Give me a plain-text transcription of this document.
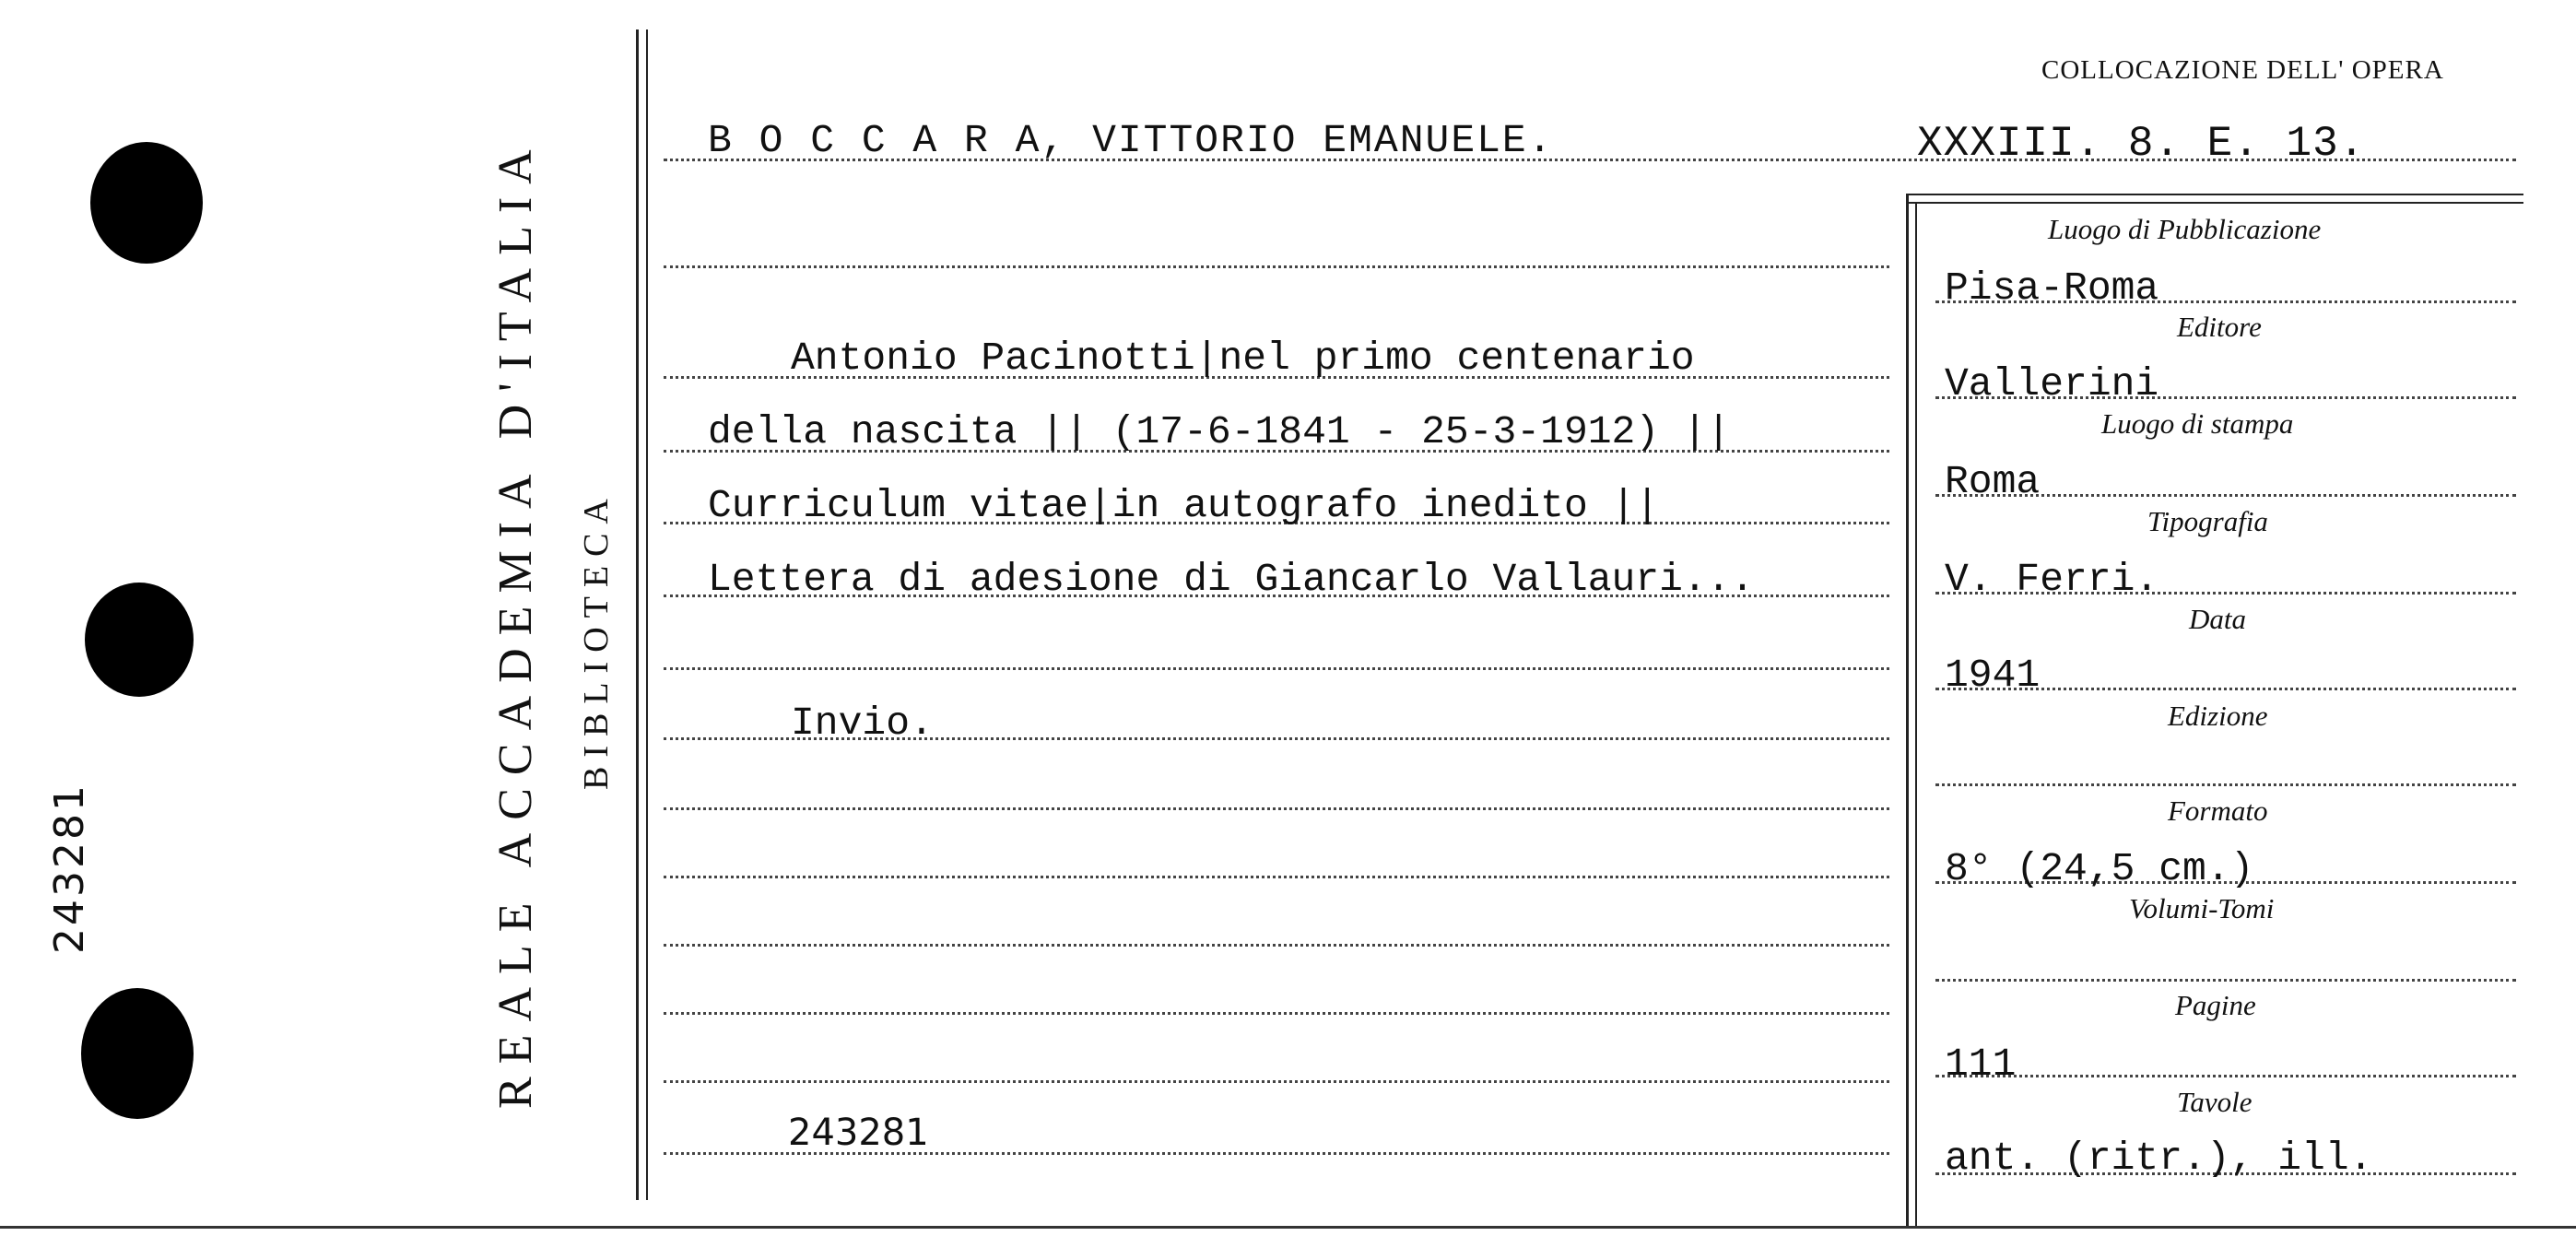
243281	REALE ACCADEMIA D'ITALIA BIBLIOTECA
COLLOCAZIONE DELL' OPERA
B O C C A R A, VITTORIO EMANUELE.	XXXIII. 8. E. 13.
Antonio Pacinotti|nel primo centenario
della nascita || (17-6-1841 - 25-3-1912) ||
Curriculum vitae|in autografo inedito ||
Lettera di adesione di Giancarlo Vallauri...
Invio.
243281
Luogo di Pubblicazione
Pisa-Roma
Editore
Vallerini
Luogo di stampa
Roma
Tipografia
V. Ferri.
Data
1941
Edizione
Formato
8° (24,5 cm.)
Volumi-Tomi
Pagine
111
Tavole
ant. (ritr.), ill.
